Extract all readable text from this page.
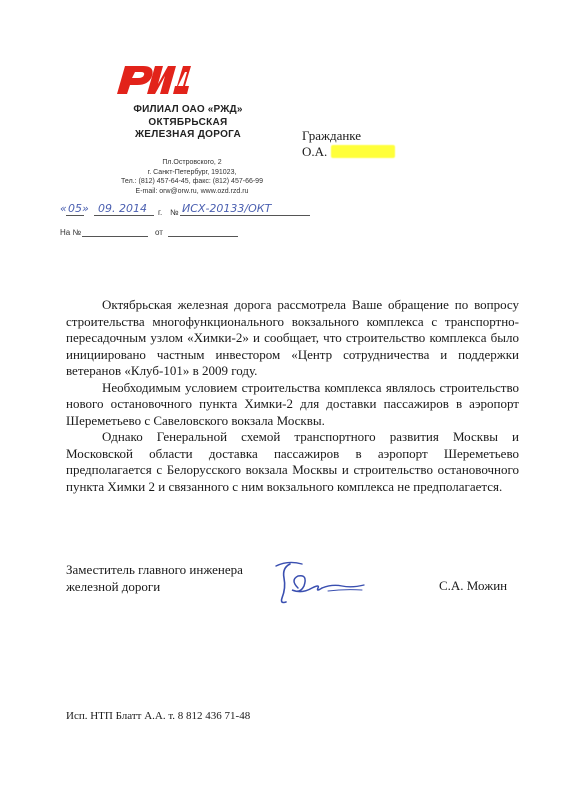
ФИЛИАЛ ОАО «РЖД»
ОКТЯБРЬСКАЯ
ЖЕЛЕЗНАЯ ДОРОГА
Пл.Островского, 2
г. Санкт-Петербург, 191023,
Тел.: (812) 457-64-45, факс: (812) 457-66-99
E-mail: orw@orw.ru, www.ozd.rzd.ru
Гражданке
О.А.
« 05 » 09. 2014 г. № ИСХ-20133/ОКТ
На №	от

Октябрьская железная дорога рассмотрела Ваше обращение по вопросу строительства многофункционального вокзального комплекса с транспортно-пересадочным узлом «Химки-2» и сообщает, что строительство комплекса было инициировано частным инвестором «Центр сотрудничества и поддержки ветеранов «Клуб-101» в 2009 году.

Необходимым условием строительства комплекса являлось строительство нового остановочного пункта Химки-2 для доставки пассажиров в аэропорт Шереметьево с Савеловского вокзала Москвы.

Однако Генеральной схемой транспортного развития Москвы и Московской области доставка пассажиров в аэропорт Шереметьево предполагается с Белорусского вокзала Москвы и строительство остановочного пункта Химки 2 и связанного с ним вокзального комплекса не предполагается.

Заместитель главного инженера
железной дороги	С.А. Можин
Исп. НТП Блатт А.А. т. 8 812 436 71-48
